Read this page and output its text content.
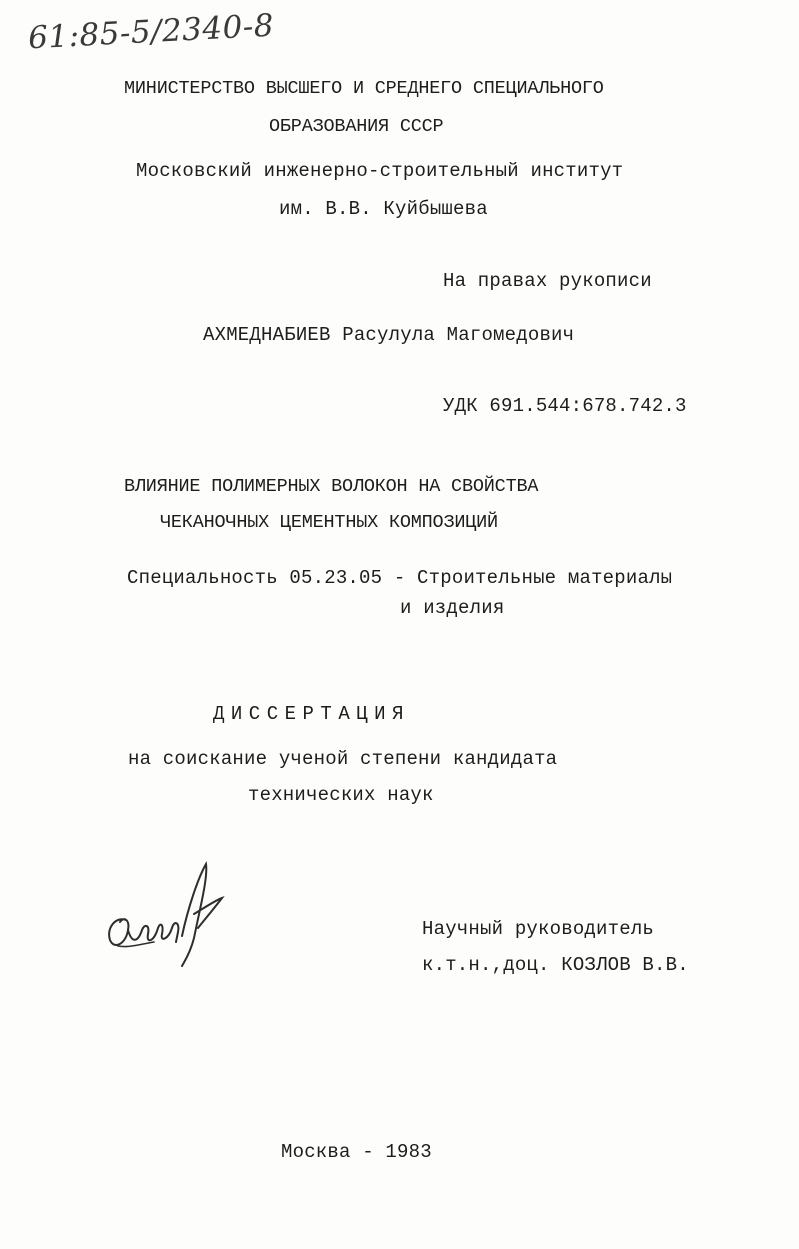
61:85-5/2340-8
МИНИСТЕРСТВО ВЫСШЕГО И СРЕДНЕГО СПЕЦИАЛЬНОГО
ОБРАЗОВАНИЯ СССР
Московский инженерно-строительный институт
им. В.В. Куйбышева
На правах рукописи
АХМЕДНАБИЕВ Расулула Магомедович
УДК 691.544:678.742.3
ВЛИЯНИЕ ПОЛИМЕРНЫХ ВОЛОКОН НА СВОЙСТВА
ЧЕКАНОЧНЫХ ЦЕМЕНТНЫХ КОМПОЗИЦИЙ
Специальность 05.23.05 - Строительные материалы
и изделия
ДИССЕРТАЦИЯ
на соискание ученой степени кандидата
технических наук
Научный руководитель
к.т.н.,доц. КОЗЛОВ В.В.
Москва - 1983
